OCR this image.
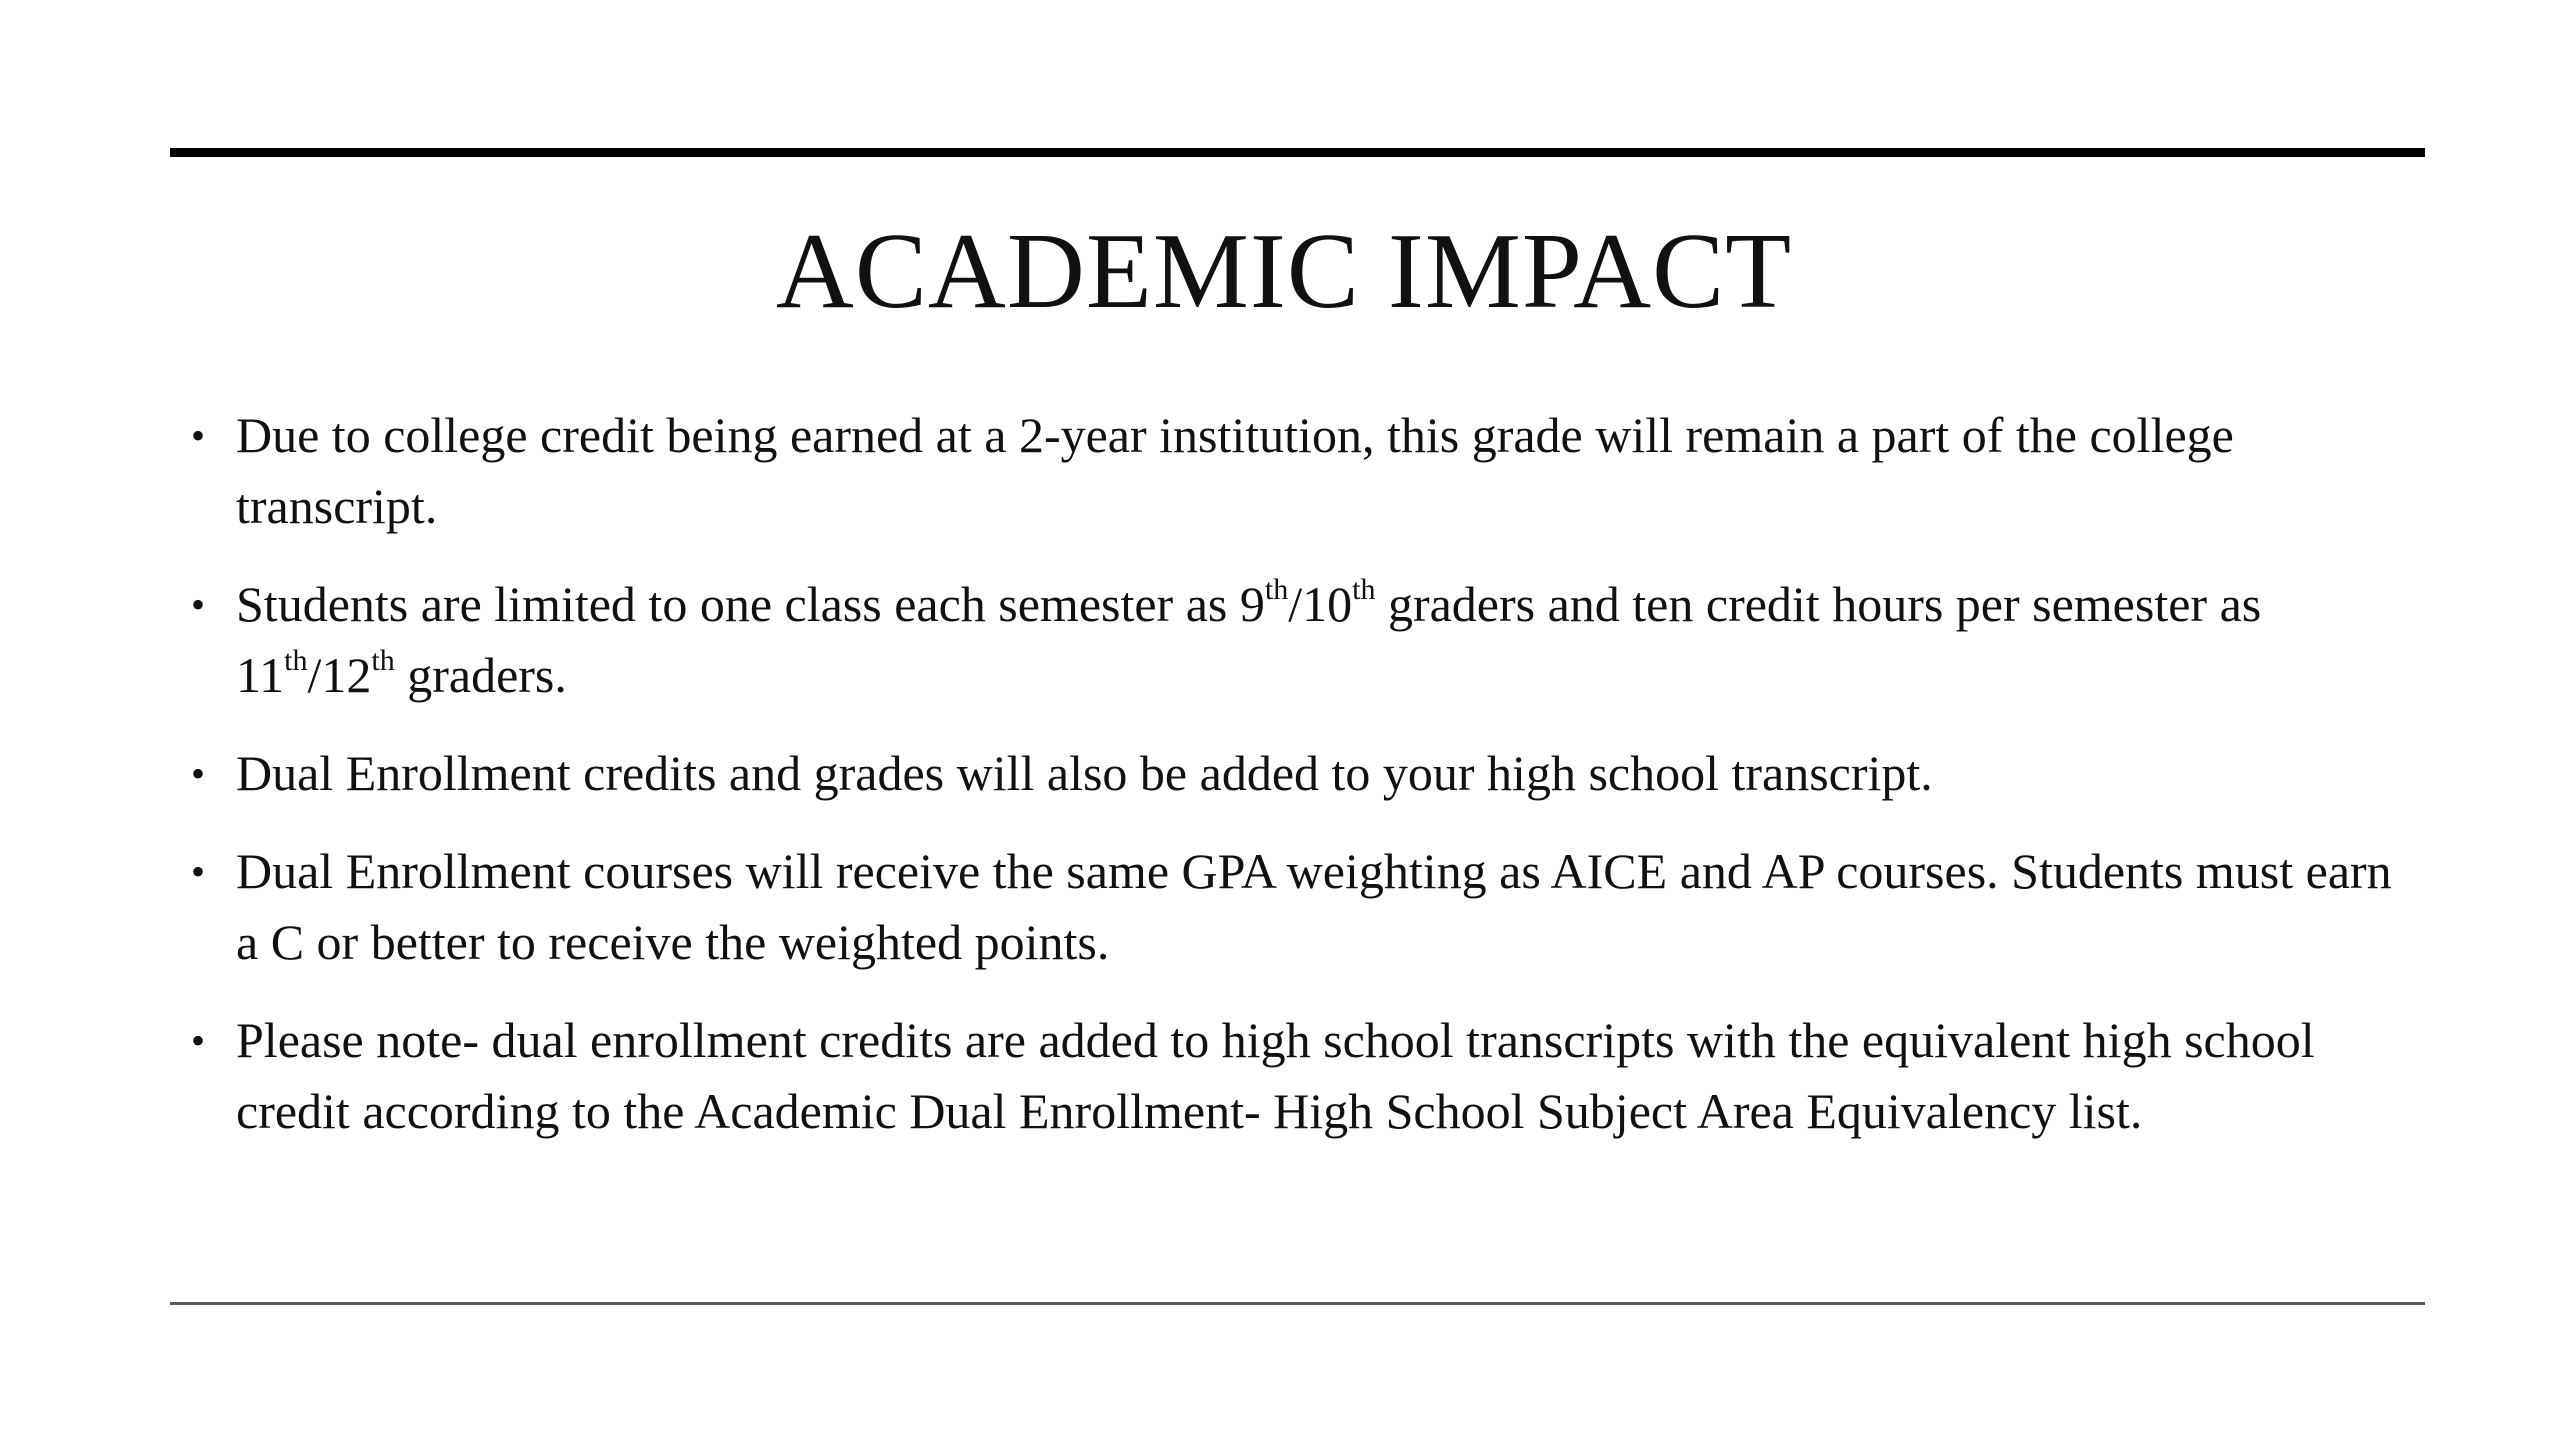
ACADEMIC IMPACT
• Due to college credit being earned at a 2-year institution, this grade will remain a part of the college transcript.
• Students are limited to one class each semester as 9th/10th graders and ten credit hours per semester as 11th/12th graders.
• Dual Enrollment credits and grades will also be added to your high school transcript.
• Dual Enrollment courses will receive the same GPA weighting as AICE and AP courses. Students must earn a C or better to receive the weighted points.
• Please note- dual enrollment credits are added to high school transcripts with the equivalent high school credit according to the Academic Dual Enrollment- High School Subject Area Equivalency list.
